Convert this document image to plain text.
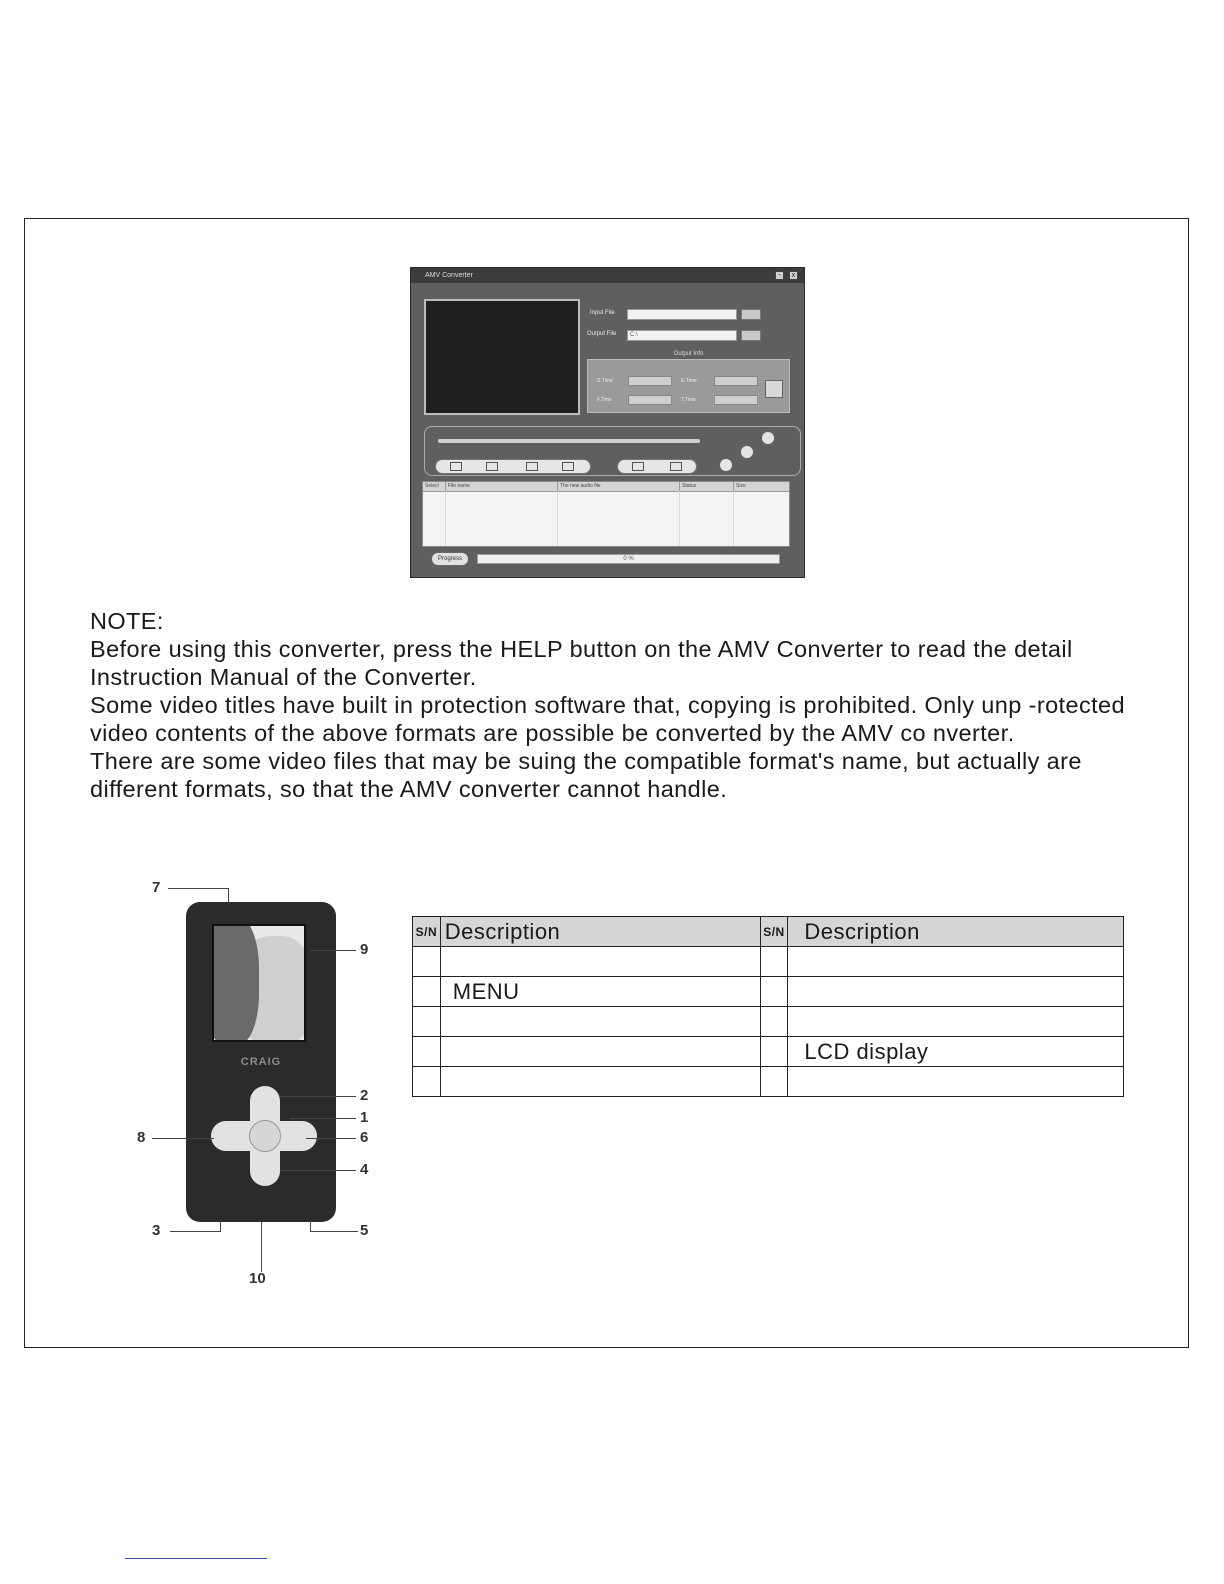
AMV Converter	-	x
Input File
Output File	C:\
Output Info
S.Time	E.Time
F.Time	T.Time
Select	File name	The new audio file	Status	Size
Progress	0 %

NOTE:

Before using this converter, press the HELP button on the AMV Converter to read the detail Instruction Manual of the Converter.

Some video titles have built in protection software that, copying is prohibited. Only unp -rotected video contents of the above formats are possible be converted by the AMV co nverter.

There are some video files that may be suing the compatible format's name, but actually are different formats, so that the AMV converter cannot handle.

CRAIG
7
9
2
1
8	6
4
3	5
10
S/N	Description	S/N	Description

	MENU		

			LCD display
